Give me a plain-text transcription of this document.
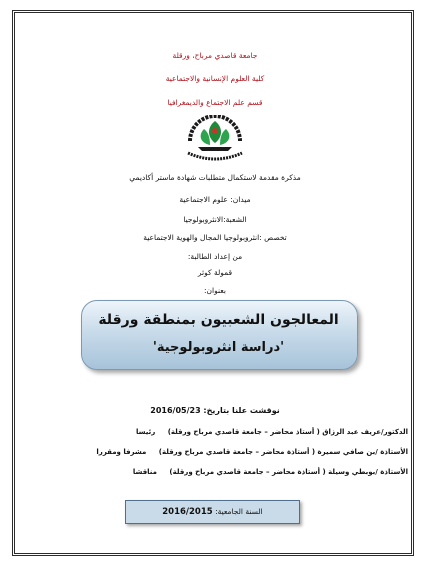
جامعة قاصدي مرباح، ورقلة
كلية العلوم الإنسانية والاجتماعية
قسم علم الاجتماع والديمغرافيا
مذكرة مقدمة لاستكمال متطلبات شهادة ماستر أكاديمي
ميدان: علوم الاجتماعية
الشعبة:الانثروبولوجيا
تخصص :انثروبولوجيا المجال والهوية الاجتماعية
من إعداد الطالبة:
قمولة كوثر
بعنوان:
المعالجون الشعبيون بمنطقة ورقلة
'دراسة انثروبولوجية'
نوقشت علنا بتاريخ: 2016/05/23
الدكتور/عريف عبد الرزاق ( أستاذ محاضر – جامعة قاصدي مرباح ورقلة) رئيسا
الأستاذة /بن صافي سميرة ( أستاذة محاضر – جامعة قاصدي مرباح ورقلة) مشرفا ومقررا
الأستاذة /بوبطي وسيلة ( أستاذة محاضر – جامعة قاصدي مرباح ورقلة) مناقشا
السنة الجامعية: 2016/2015
